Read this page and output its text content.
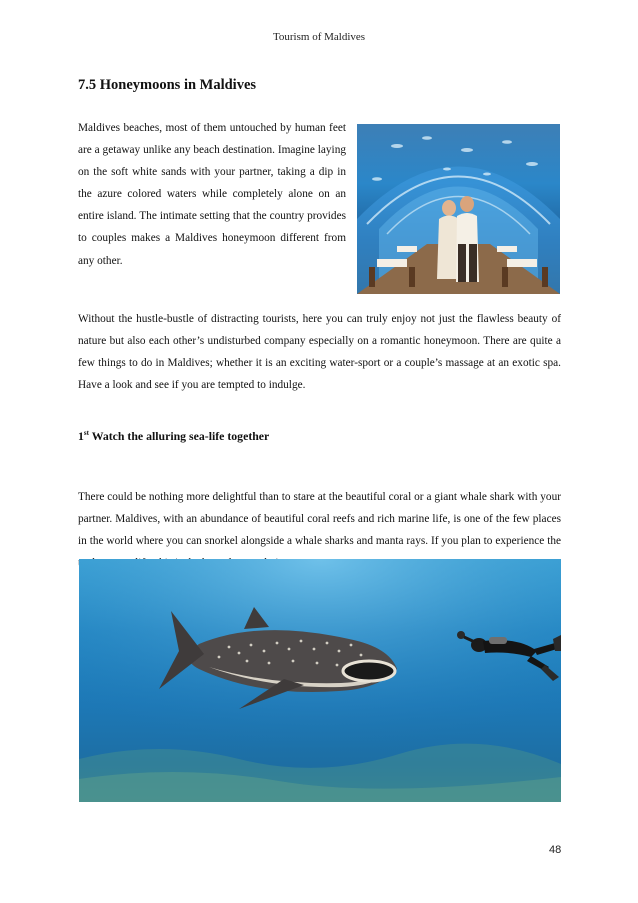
Tourism of Maldives
7.5 Honeymoons in Maldives

Maldives beaches, most of them untouched by human feet are a getaway unlike any beach destination. Imagine laying on the soft white sands with your partner, taking a dip in the azure colored waters while completely alone on an entire island. The intimate setting that the country provides to couples makes a Maldives honeymoon different from any other.

Without the hustle-bustle of distracting tourists, here you can truly enjoy not just the flawless beauty of nature but also each other’s undisturbed company especially on a romantic honeymoon. There are quite a few things to do in Maldives; whether it is an exciting water-sport or a couple’s massage at an exotic spa. Have a look and see if you are tempted to indulge.

1st Watch the alluring sea-life together

There could be nothing more delightful than to stare at the beautiful coral or a giant whale shark with your partner. Maldives, with an abundance of beautiful coral reefs and rich marine life, is one of the few places in the world where you can snorkel alongside a whale sharks and manta rays. If you plan to experience the

48
